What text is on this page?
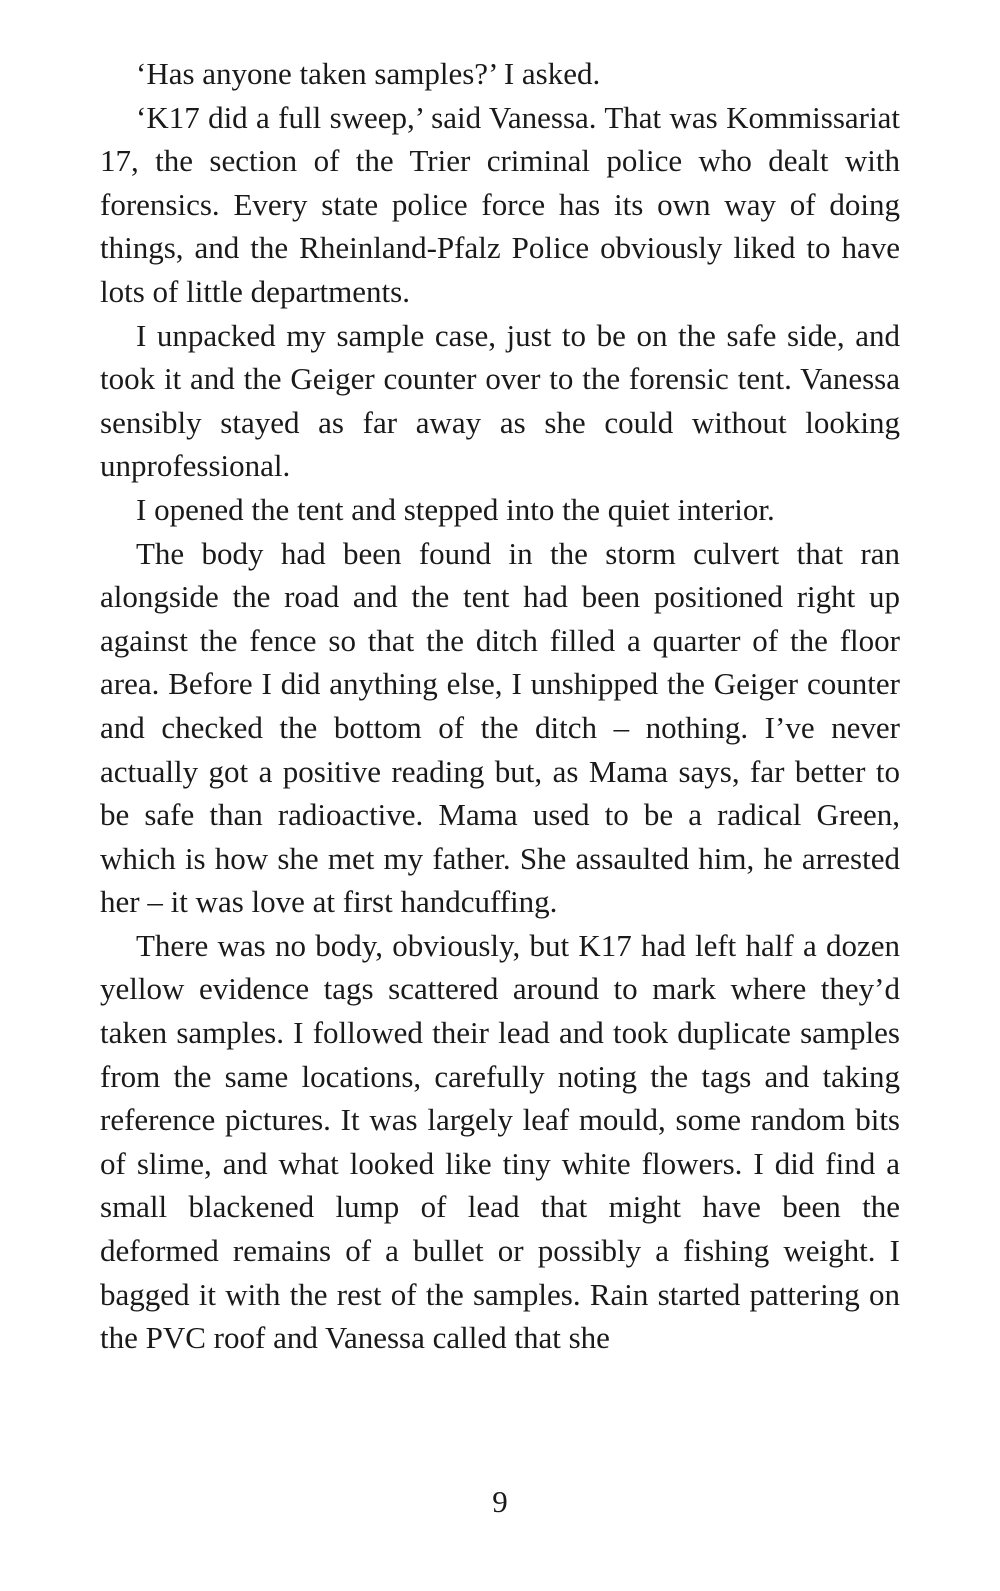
‘Has anyone taken samples?’ I asked.

‘K17 did a full sweep,’ said Vanessa. That was Kommissariat 17, the section of the Trier criminal police who dealt with forensics. Every state police force has its own way of doing things, and the Rheinland-Pfalz Police obviously liked to have lots of little departments.

I unpacked my sample case, just to be on the safe side, and took it and the Geiger counter over to the forensic tent. Vanessa sensibly stayed as far away as she could without looking unprofessional.

I opened the tent and stepped into the quiet interior.

The body had been found in the storm culvert that ran alongside the road and the tent had been positioned right up against the fence so that the ditch filled a quarter of the floor area. Before I did anything else, I unshipped the Geiger counter and checked the bottom of the ditch – nothing. I’ve never actually got a positive reading but, as Mama says, far better to be safe than radioactive. Mama used to be a radical Green, which is how she met my father. She assaulted him, he arrested her – it was love at first handcuffing.

There was no body, obviously, but K17 had left half a dozen yellow evidence tags scattered around to mark where they’d taken samples. I followed their lead and took duplicate samples from the same locations, carefully noting the tags and taking reference pictures. It was largely leaf mould, some random bits of slime, and what looked like tiny white flowers. I did find a small blackened lump of lead that might have been the deformed remains of a bullet or possibly a fishing weight. I bagged it with the rest of the samples. Rain started pattering on the PVC roof and Vanessa called that she

9
